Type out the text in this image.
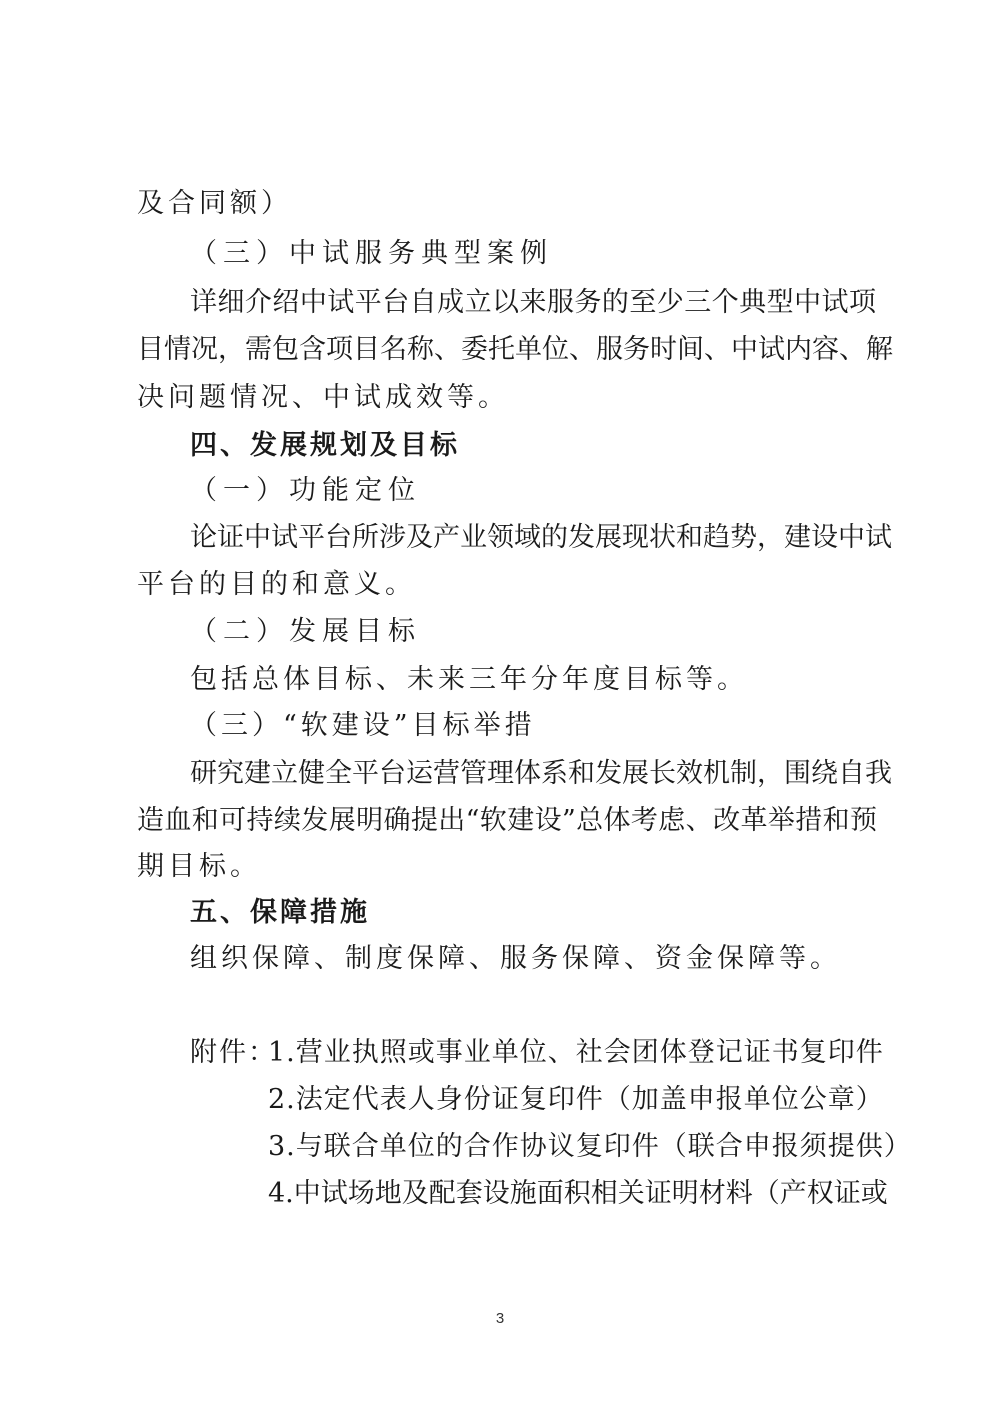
及合同额）
（三）中试服务典型案例
详细介绍中试平台自成立以来服务的至少三个典型中试项
目情况，需包含项目名称、委托单位、服务时间、中试内容、解
决问题情况、中试成效等。
四、发展规划及目标
（一）功能定位
论证中试平台所涉及产业领域的发展现状和趋势，建设中试
平台的目的和意义。
（二）发展目标
包括总体目标、未来三年分年度目标等。
（三）“软建设”目标举措
研究建立健全平台运营管理体系和发展长效机制，围绕自我
造血和可持续发展明确提出“软建设”总体考虑、改革举措和预
期目标。
五、保障措施
组织保障、制度保障、服务保障、资金保障等。
附件：
1.营业执照或事业单位、社会团体登记证书复印件
2.法定代表人身份证复印件（加盖申报单位公章）
3.与联合单位的合作协议复印件（联合申报须提供）
4.中试场地及配套设施面积相关证明材料（产权证或
3
